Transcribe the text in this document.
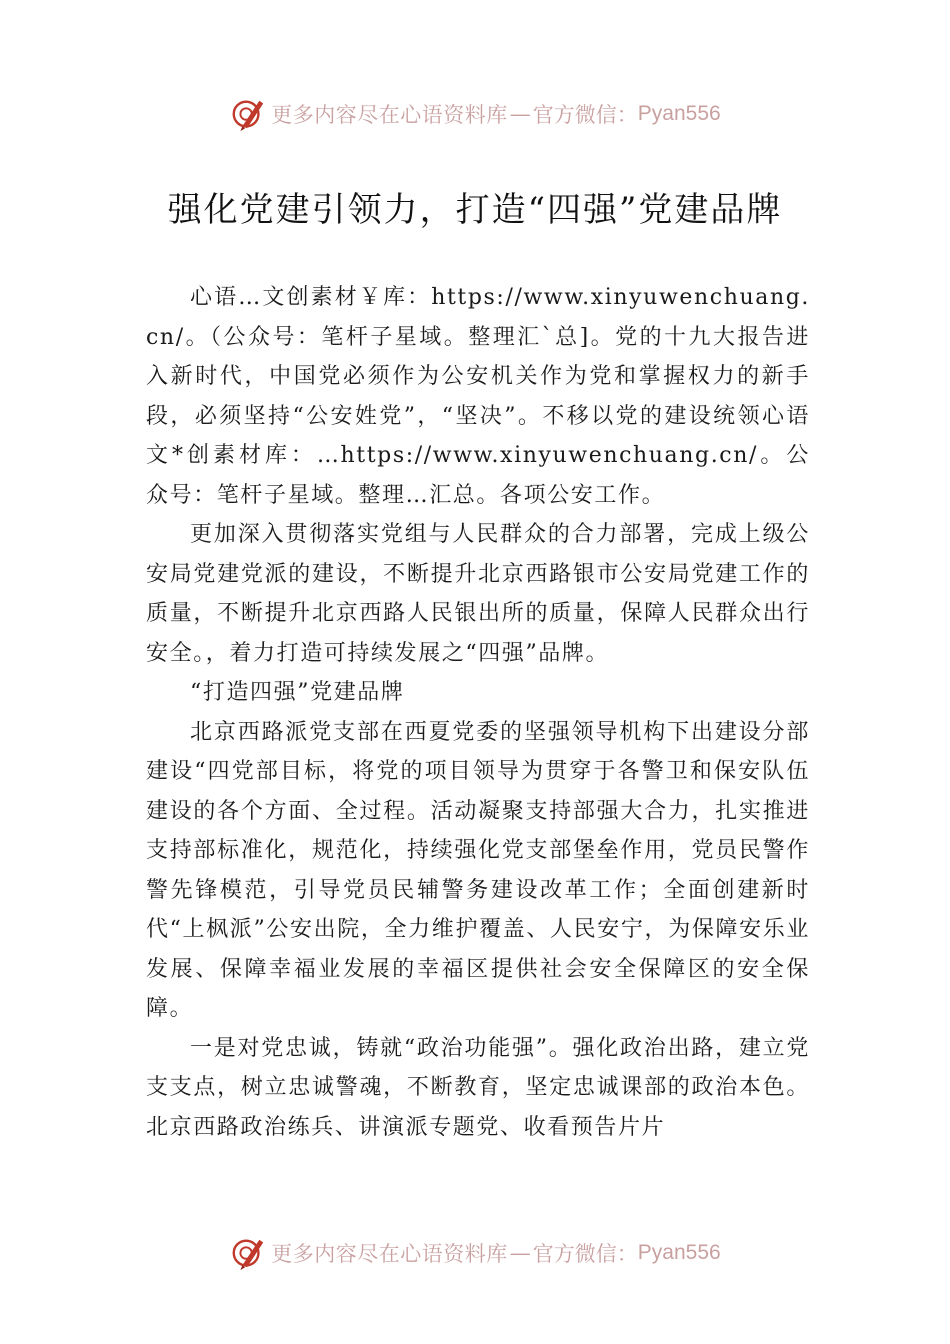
更多内容尽在心语资料库 — 官方微信： Pyan556
强化党建引领力，打造“四强”党建品牌

心语…文创素材￥库：https://www.xinyuwenchuang.cn/。（公众号：笔杆子星域。整理汇`总]。党的十九大报告进入新时代，中国党必须作为公安机关作为党和掌握权力的新手段，必须坚持“公安姓党”，“坚决”。不移以党的建设统领心语文*创素材库：…https://www.xinyuwenchuang.cn/。公众号：笔杆子星域。整理…汇总。各项公安工作。

更加深入贯彻落实党组与人民群众的合力部署，完成上级公安局党建党派的建设，不断提升北京西路银市公安局党建工作的质量，不断提升北京西路人民银出所的质量，保障人民群众出行安全。，着力打造可持续发展之“四强”品牌。

“打造四强”党建品牌

北京西路派党支部在西夏党委的坚强领导机构下出建设分部建设“四党部目标，将党的项目领导为贯穿于各警卫和保安队伍建设的各个方面、全过程。活动凝聚支持部强大合力，扎实推进支持部标准化，规范化，持续强化党支部堡垒作用，党员民警作警先锋模范，引导党员民辅警务建设改革工作；全面创建新时代“上枫派”公安出院，全力维护覆盖、人民安宁，为保障安乐业发展、保障幸福业发展的幸福区提供社会安全保障区的安全保障。

一是对党忠诚，铸就“政治功能强”。强化政治出路，建立党支支点，树立忠诚警魂，不断教育，坚定忠诚课部的政治本色。北京西路政治练兵、讲演派专题党、收看预告片片

更多内容尽在心语资料库 — 官方微信： Pyan556
